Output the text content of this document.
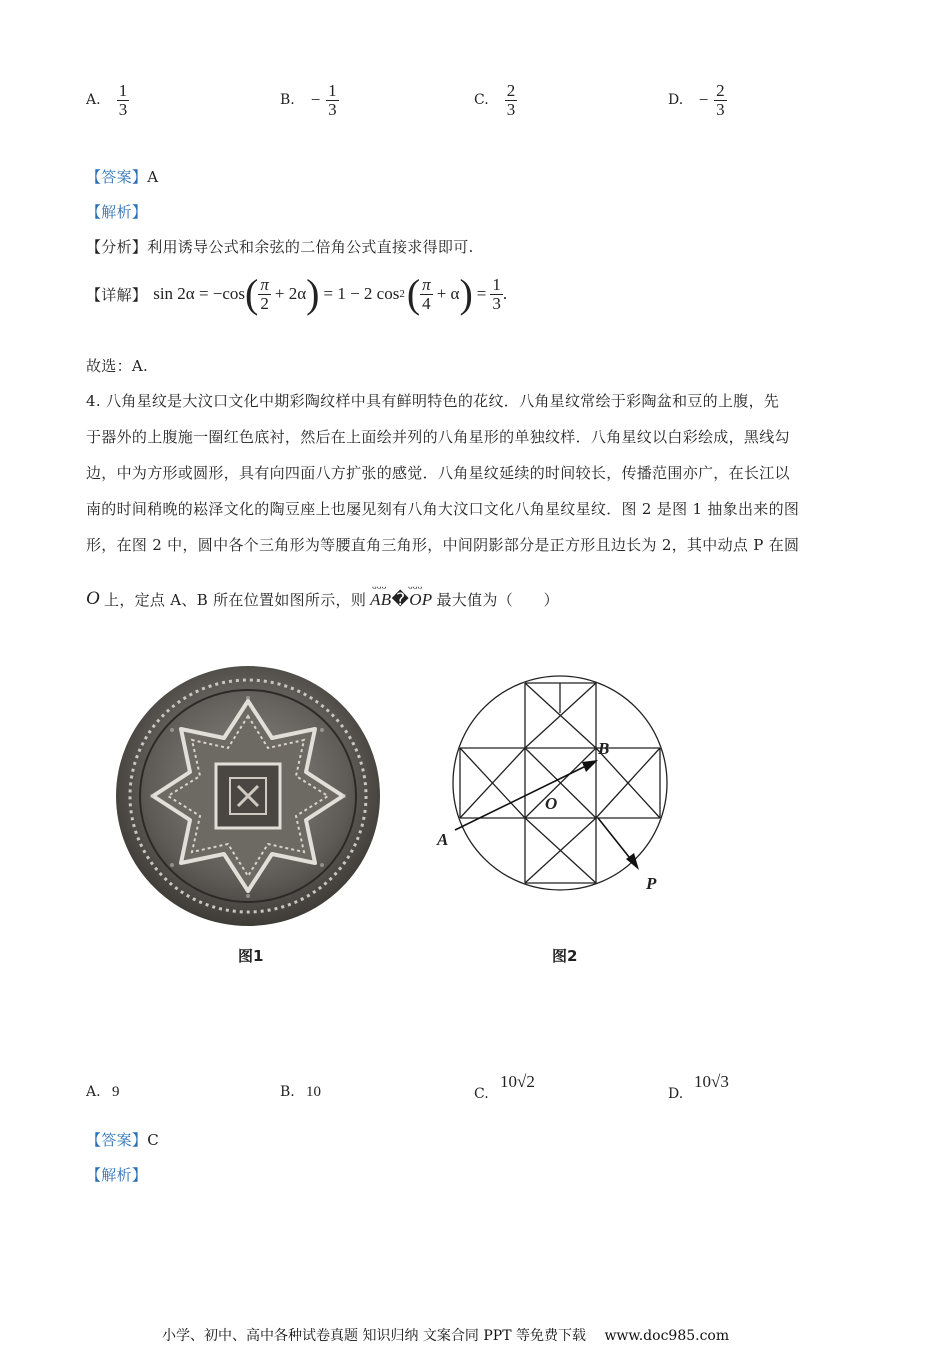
A. $\frac{1}{3}$	B. − $\frac{1}{3}$	C. $\frac{2}{3}$	D. − $\frac{2}{3}$
【答案】A
【解析】
【分析】利用诱导公式和余弦的二倍角公式直接求得即可.
【详解】 sin 2α = −cos ( $\frac{\pi}{2} + 2\alpha$ ) = 1 − 2 cos 2 ( $\frac{\pi}{4} + \alpha$ ) = $\frac{1}{3}$ .
故选：A.
4. 八角星纹是大汶口文化中期彩陶纹样中具有鲜明特色的花纹．八角星纹常绘于彩陶盆和豆的上腹，先
于器外的上腹施一圈红色底衬，然后在上面绘并列的八角星形的单独纹样．八角星纹以白彩绘成，黑线勾
边，中为方形或圆形，具有向四面八方扩张的感觉．八角星纹延续的时间较长，传播范围亦广，在长江以
南的时间稍晚的崧泽文化的陶豆座上也屡见刻有八角大汶口文化八角星纹星纹．图 2 是图 1 抽象出来的图
形，在图 2 中，圆中各个三角形为等腰直角三角形，中间阴影部分是正方形且边长为 2，其中动点 P 在圆
O 上，定点 A、B 所在位置如图所示，则
ᴗᴗᴗ
AB�
ᴗᴗᴗ
OP 最大值为（　　）
B
O
A
P
图1	图2
A. 9	B. 10	C.
10√2
D.
10√3
【答案】C
【解析】
小学、初中、高中各种试卷真题 知识归纳 文案合同 PPT 等免费下载 www.doc985.com
